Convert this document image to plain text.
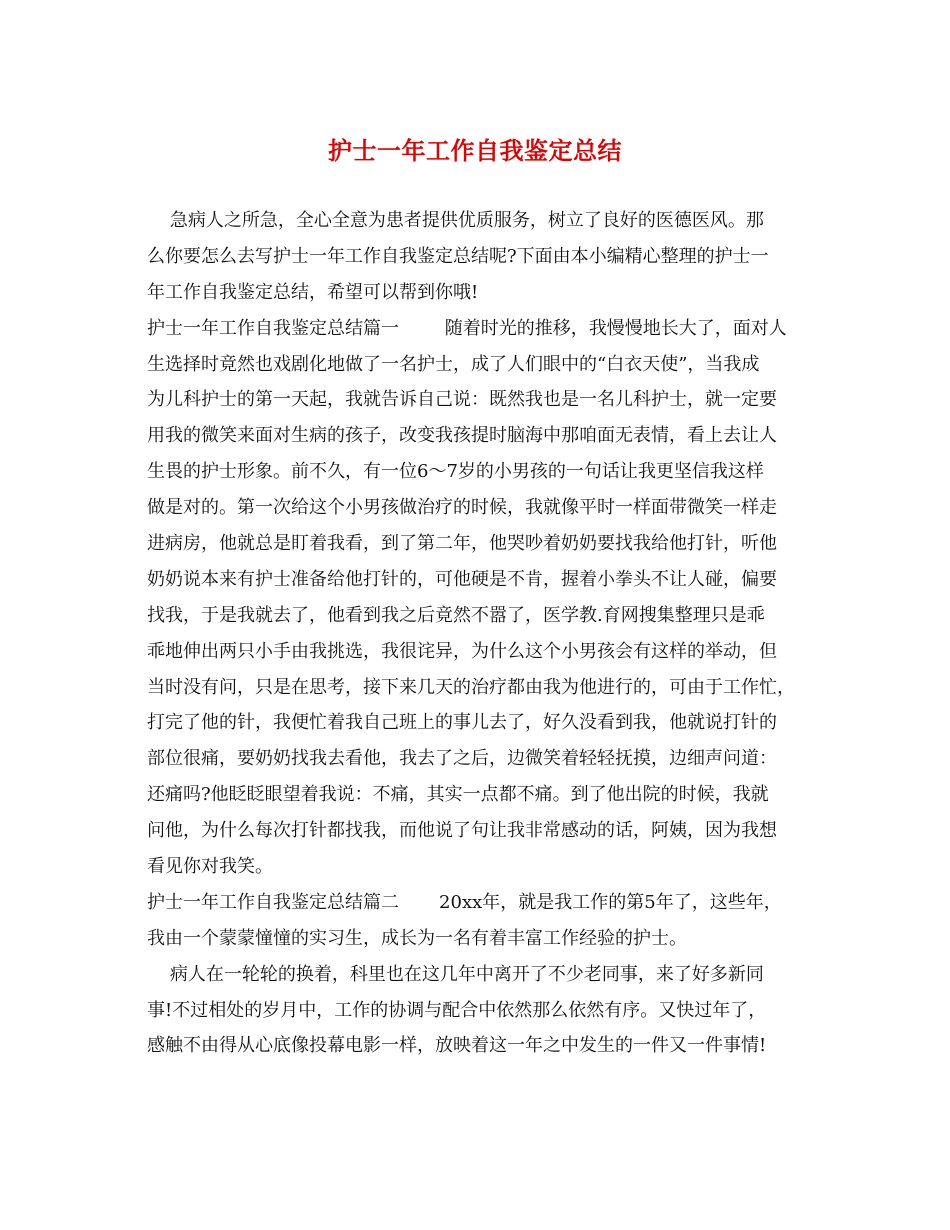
护士一年工作自我鉴定总结
急病人之所急，全心全意为患者提供优质服务，树立了良好的医德医风。那
么你要怎么去写护士一年工作自我鉴定总结呢?下面由本小编精心整理的护士一
年工作自我鉴定总结，希望可以帮到你哦!
护士一年工作自我鉴定总结篇一        随着时光的推移，我慢慢地长大了，面对人
生选择时竟然也戏剧化地做了一名护士，成了人们眼中的“白衣天使”，当我成
为儿科护士的第一天起，我就告诉自己说：既然我也是一名儿科护士，就一定要
用我的微笑来面对生病的孩子，改变我孩提时脑海中那咱面无表情，看上去让人
生畏的护士形象。前不久，有一位6～7岁的小男孩的一句话让我更坚信我这样
做是对的。第一次给这个小男孩做治疗的时候，我就像平时一样面带微笑一样走
进病房，他就总是盯着我看，到了第二年，他哭吵着奶奶要找我给他打针，听他
奶奶说本来有护士准备给他打针的，可他硬是不肯，握着小拳头不让人碰，偏要
找我，于是我就去了，他看到我之后竟然不嚣了，医学教.育网搜集整理只是乖
乖地伸出两只小手由我挑选，我很诧异，为什么这个小男孩会有这样的举动，但
当时没有问，只是在思考，接下来几天的治疗都由我为他进行的，可由于工作忙，
打完了他的针，我便忙着我自己班上的事儿去了，好久没看到我，他就说打针的
部位很痛，要奶奶找我去看他，我去了之后，边微笑着轻轻抚摸，边细声问道：
还痛吗?他眨眨眼望着我说：不痛，其实一点都不痛。到了他出院的时候，我就
问他，为什么每次打针都找我，而他说了句让我非常感动的话，阿姨，因为我想
看见你对我笑。
护士一年工作自我鉴定总结篇二       20xx年，就是我工作的第5年了，这些年，
我由一个蒙蒙憧憧的实习生，成长为一名有着丰富工作经验的护士。
病人在一轮轮的换着，科里也在这几年中离开了不少老同事，来了好多新同
事!不过相处的岁月中，工作的协调与配合中依然那么依然有序。又快过年了，
感触不由得从心底像投幕电影一样，放映着这一年之中发生的一件又一件事情!
